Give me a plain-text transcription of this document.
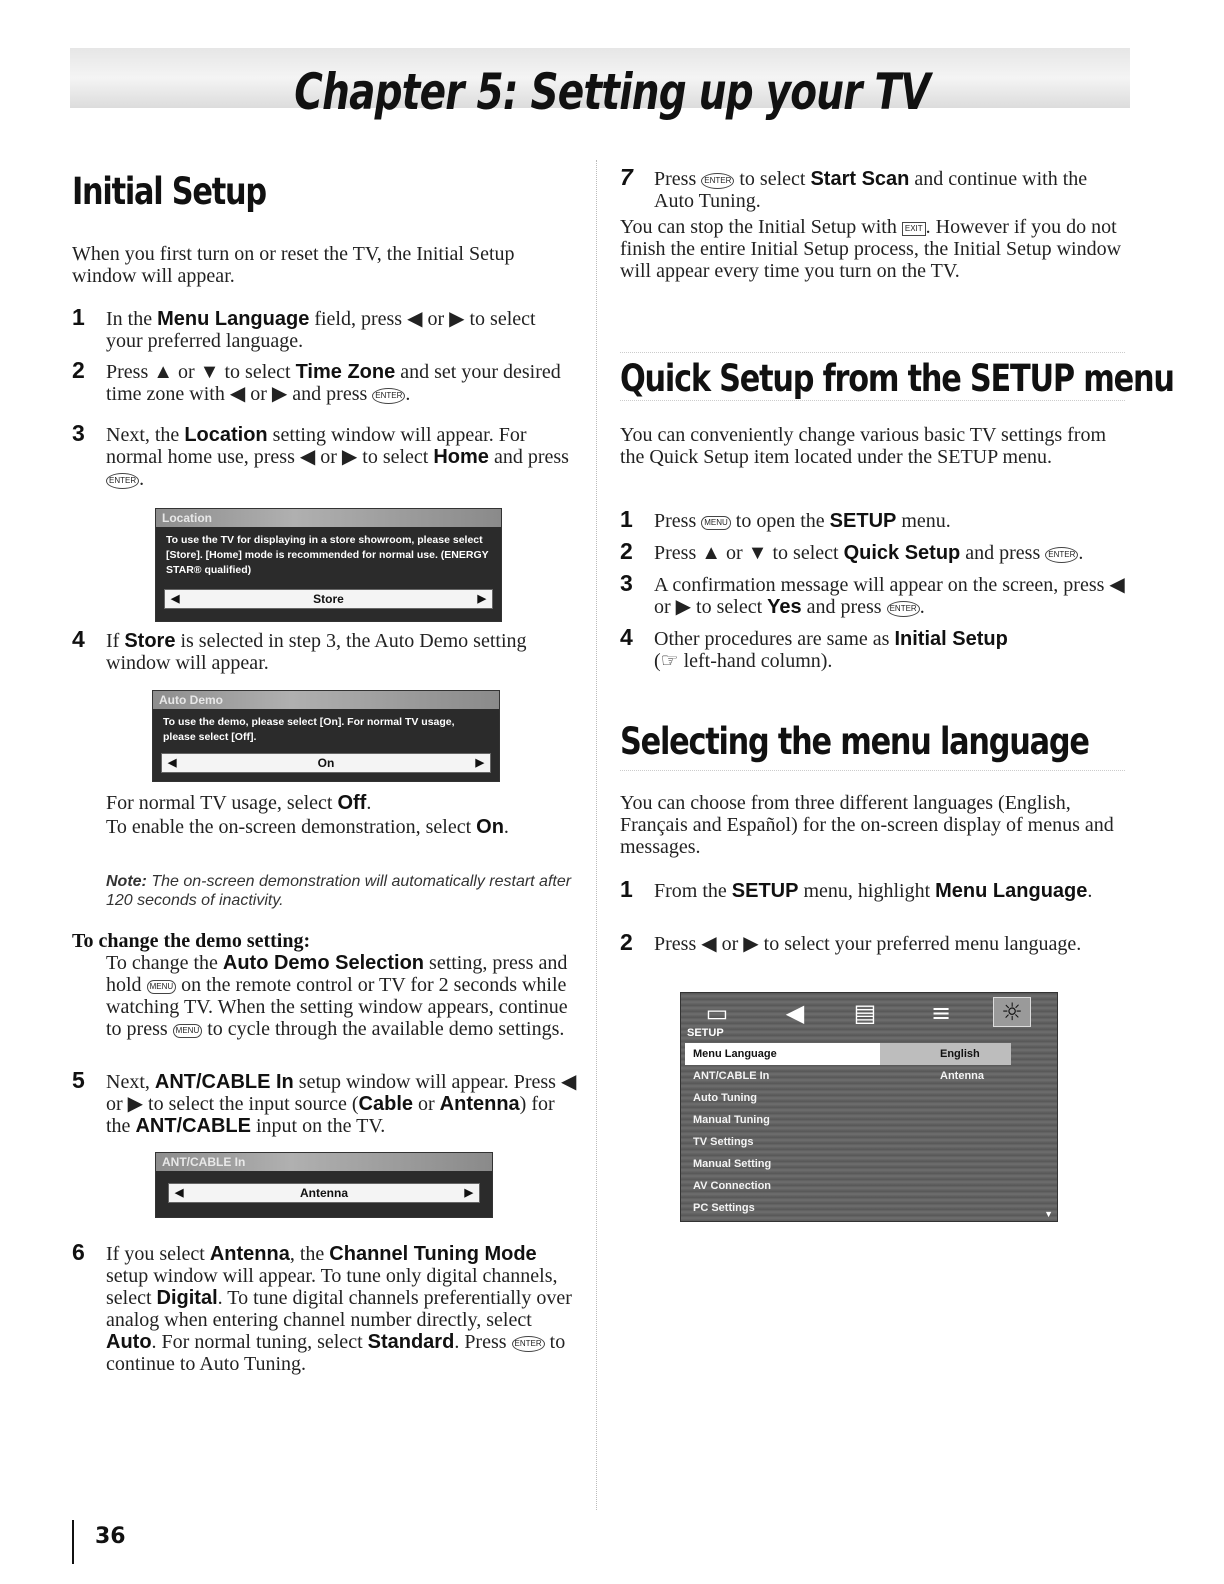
Chapter 5: Setting up your TV
Initial Setup
When you first turn on or reset the TV, the Initial Setup window will appear.
1 In the Menu Language field, press ◀ or ▶ to select your preferred language.
2 Press ▲ or ▼ to select Time Zone and set your desired time zone with ◀ or ▶ and press ENTER .
3 Next, the Location setting window will appear. For normal home use, press ◀ or ▶ to select Home and press ENTER .
Location
To use the TV for displaying in a store showroom, please select [Store]. [Home] mode is recommended for normal use. (ENERGY STAR® qualified)
◀	Store	▶
4 If Store is selected in step 3, the Auto Demo setting window will appear.
Auto Demo
To use the demo, please select [On]. For normal TV usage, please select [Off].
◀	On	▶
For normal TV usage, select Off.
To enable the on-screen demonstration, select On.
Note: The on-screen demonstration will automatically restart after 120 seconds of inactivity.
To change the demo setting:
To change the Auto Demo Selection setting, press and hold MENU on the remote control or TV for 2 seconds while watching TV. When the setting window appears, continue to press MENU to cycle through the available demo settings.
5 Next, ANT/CABLE In setup window will appear. Press ◀ or ▶ to select the input source (Cable or Antenna) for the ANT/CABLE input on the TV.
ANT/CABLE In
◀	Antenna	▶
6 If you select Antenna, the Channel Tuning Mode setup window will appear. To tune only digital channels, select Digital. To tune digital channels preferentially over analog when entering channel number directly, select Auto. For normal tuning, select Standard. Press ENTER to continue to Auto Tuning.
7 Press ENTER to select Start Scan and continue with the Auto Tuning.
You can stop the Initial Setup with EXIT . However if you do not finish the entire Initial Setup process, the Initial Setup window will appear every time you turn on the TV.
Quick Setup from the SETUP menu
You can conveniently change various basic TV settings from the Quick Setup item located under the SETUP menu.
1 Press MENU to open the SETUP menu.
2 Press ▲ or ▼ to select Quick Setup and press ENTER .
3 A confirmation message will appear on the screen, press ◀ or ▶ to select Yes and press ENTER .
4 Other procedures are same as Initial Setup
(☞ left-hand column).
Selecting the menu language
You can choose from three different languages (English, Français and Español) for the on-screen display of menus and messages.
1 From the SETUP menu, highlight Menu Language.
2 Press ◀ or ▶ to select your preferred menu language.
▭	◀	▤	≡	☼
SETUP
Menu Language	English
ANT/CABLE In	Antenna
Auto Tuning
Manual Tuning
TV Settings
Manual Setting
AV Connection
PC Settings	▼
36
